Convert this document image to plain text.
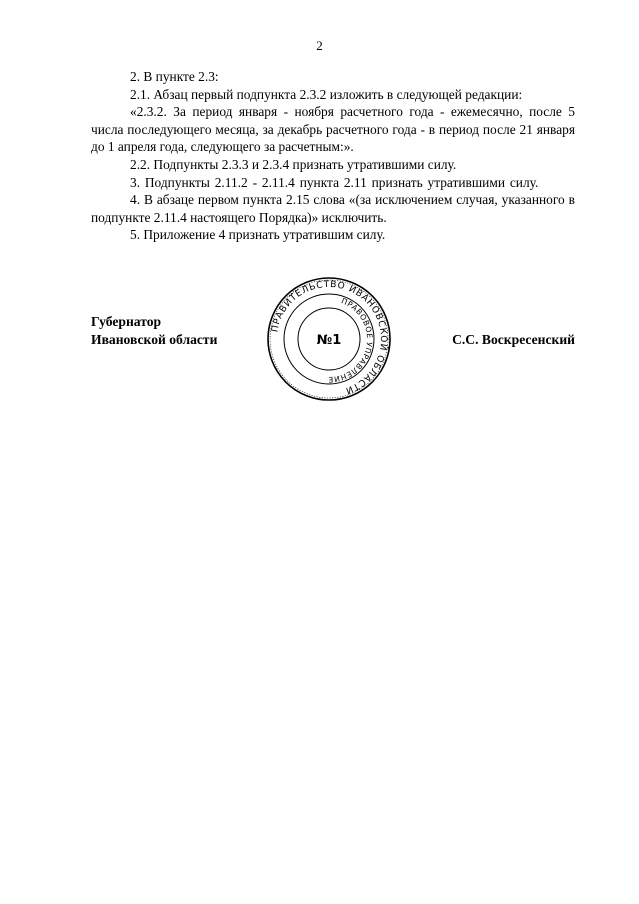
2

2. В пункте 2.3:

2.1. Абзац первый подпункта 2.3.2 изложить в следующей редакции:

«2.3.2. За период января - ноября расчетного года - ежемесячно, после 5 числа последующего месяца, за декабрь расчетного года - в период после 21 января до 1 апреля года, следующего за расчетным:».

2.2. Подпункты 2.3.3 и 2.3.4 признать утратившими силу.

3. Подпункты 2.11.2 - 2.11.4 пункта 2.11 признать утратившими силу.

4. В абзаце первом пункта 2.15 слова «(за исключением случая, указанного в подпункте 2.11.4 настоящего Порядка)» исключить.

5. Приложение 4 признать утратившим силу.

Губернатор
Ивановской области
ПРАВИТЕЛЬСТВО ИВАНОВСКОЙ ОБЛАСТИ
ПРАВОВОЕ УПРАВЛЕНИЕ
№1	С.С. Воскресенский
